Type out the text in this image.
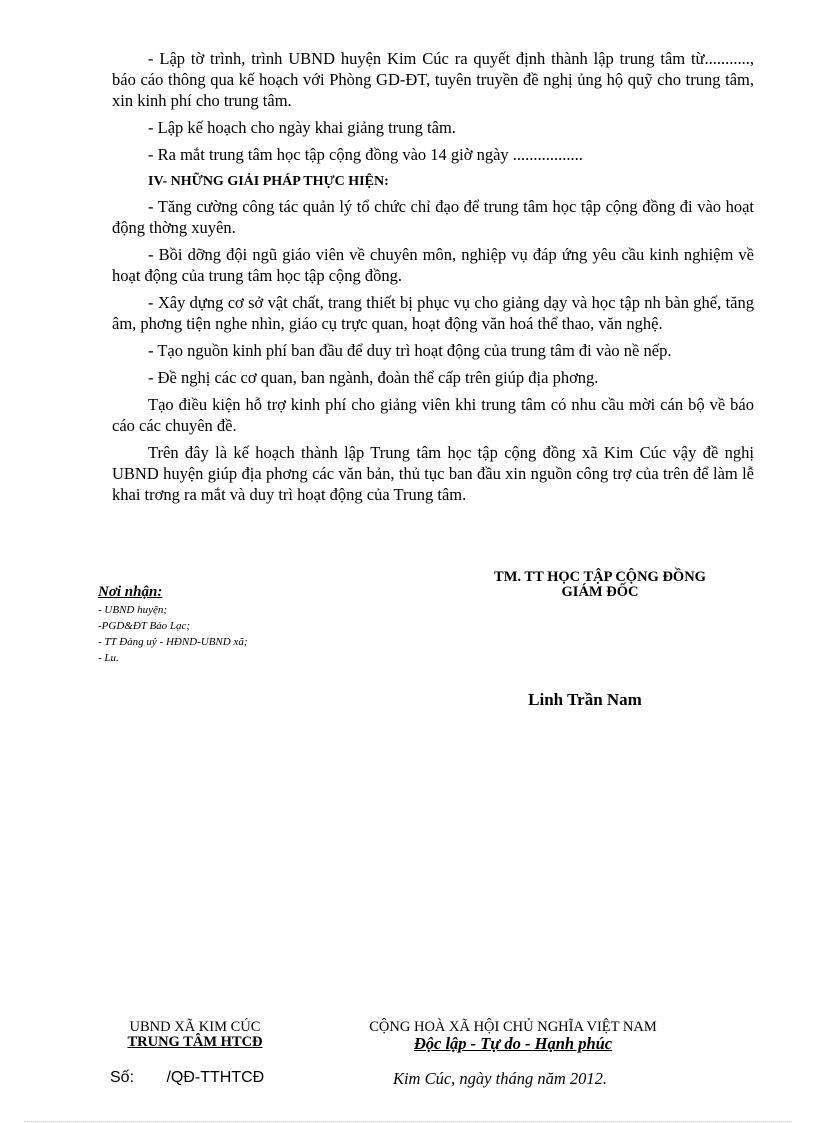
- Lập tờ trình, trình UBND huyện Kim Cúc ra quyết định thành lập trung tâm từ..........., báo cáo thông qua kế hoạch với Phòng GD-ĐT, tuyên truyền đề nghị ủng hộ quỹ cho trung tâm, xin kinh phí cho trung tâm.

- Lập kế hoạch cho ngày khai giảng trung tâm.

- Ra mắt trung tâm học tập cộng đồng vào 14 giờ ngày .................

IV- NHỮNG GIẢI PHÁP THỰC HIỆN:

- Tăng cường công tác quản lý tổ chức chỉ đạo để trung tâm học tập cộng đồng đi vào hoạt động thờng xuyên.

- Bồi dỡng đội ngũ giáo viên về chuyên môn, nghiệp vụ đáp ứng yêu cầu kinh nghiệm về hoạt động của trung tâm học tập cộng đồng.

- Xây dựng cơ sở vật chất, trang thiết bị phục vụ cho giảng dạy và học tập nh bàn ghế, tăng âm, phơng tiện nghe nhìn, giáo cụ trực quan, hoạt động văn hoá thể thao, văn nghệ.

- Tạo nguồn kinh phí ban đầu để duy trì hoạt động của trung tâm đi vào nề nếp.

- Đề nghị các cơ quan, ban ngành, đoàn thể cấp trên giúp địa phơng.

Tạo điều kiện hỗ trợ kinh phí cho giảng viên khi trung tâm có nhu cầu mời cán bộ về báo cáo các chuyên đề.

Trên đây là kế hoạch thành lập Trung tâm học tập cộng đồng xã Kim Cúc vậy đề nghị UBND huyện giúp địa phơng các văn bản, thủ tục ban đầu xin nguồn công trợ của trên để làm lễ khai trơng ra mắt và duy trì hoạt động của Trung tâm.

Nơi nhận:
- UBND huyện;
-PGD&ĐT Bảo Lạc;
- TT Đảng uỷ - HĐND-UBND xã;
- Lu.
TM. TT HỌC TẬP CỘNG ĐỒNG
GIÁM ĐỐC
Linh Trần Nam
UBND XÃ KIM CÚC
TRUNG TÂM HTCĐ
CỘNG HOÀ XÃ HỘI CHỦ NGHĨA VIỆT NAM
Độc lập - Tự do - Hạnh phúc
Số: /QĐ-TTHTCĐ	Kim Cúc, ngày tháng năm 2012.
